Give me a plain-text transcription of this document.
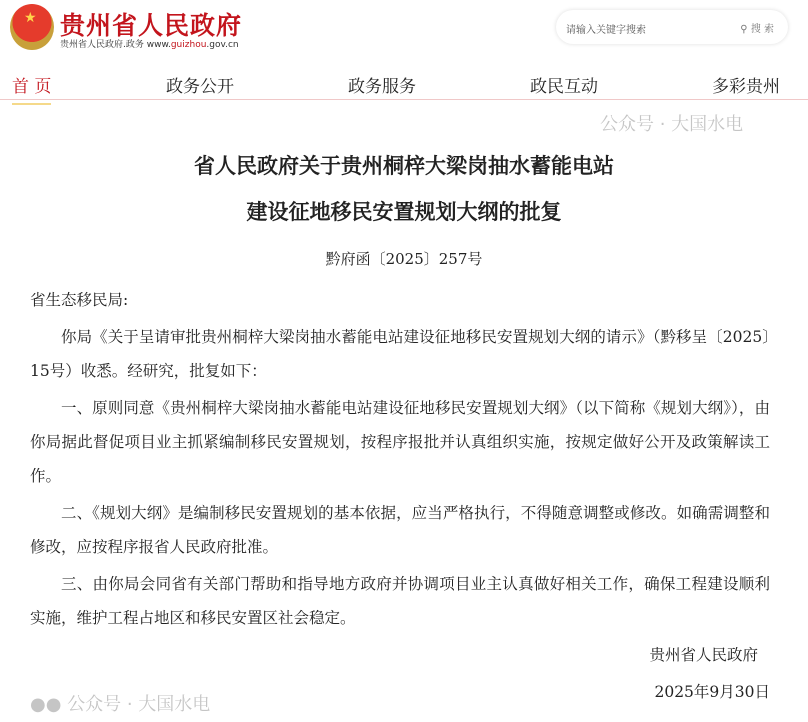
★ 贵州省人民政府
贵州省人民政府.政务 www.guizhou.gov.cn
请输入关键字搜索	⚲ 搜 索
首 页	政务公开	政务服务	政民互动	多彩贵州
公众号 · 大国水电
省人民政府关于贵州桐梓大梁岗抽水蓄能电站
建设征地移民安置规划大纲的批复
黔府函〔2025〕257号
省生态移民局:
你局《关于呈请审批贵州桐梓大梁岗抽水蓄能电站建设征地移民安置规划大纲的请示》（黔移呈〔2025〕15号）收悉。经研究，批复如下：
一、原则同意《贵州桐梓大梁岗抽水蓄能电站建设征地移民安置规划大纲》（以下简称《规划大纲》），由你局据此督促项目业主抓紧编制移民安置规划，按程序报批并认真组织实施，按规定做好公开及政策解读工作。
二、《规划大纲》是编制移民安置规划的基本依据，应当严格执行，不得随意调整或修改。如确需调整和修改，应按程序报省人民政府批准。
三、由你局会同省有关部门帮助和指导地方政府并协调项目业主认真做好相关工作，确保工程建设顺利实施，维护工程占地区和移民安置区社会稳定。
贵州省人民政府
2025年9月30日
●● 公众号 · 大国水电
